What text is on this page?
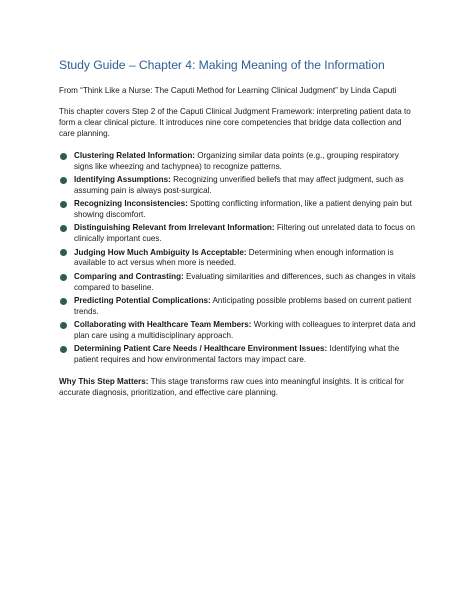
Study Guide – Chapter 4: Making Meaning of the Information

From “Think Like a Nurse: The Caputi Method for Learning Clinical Judgment” by Linda Caputi

This chapter covers Step 2 of the Caputi Clinical Judgment Framework: interpreting patient data to form a clear clinical picture. It introduces nine core competencies that bridge data collection and care planning.

Clustering Related Information: Organizing similar data points (e.g., grouping respiratory signs like wheezing and tachypnea) to recognize patterns.
Identifying Assumptions: Recognizing unverified beliefs that may affect judgment, such as assuming pain is always post-surgical.
Recognizing Inconsistencies: Spotting conflicting information, like a patient denying pain but showing discomfort.
Distinguishing Relevant from Irrelevant Information: Filtering out unrelated data to focus on clinically important cues.
Judging How Much Ambiguity Is Acceptable: Determining when enough information is available to act versus when more is needed.
Comparing and Contrasting: Evaluating similarities and differences, such as changes in vitals compared to baseline.
Predicting Potential Complications: Anticipating possible problems based on current patient trends.
Collaborating with Healthcare Team Members: Working with colleagues to interpret data and plan care using a multidisciplinary approach.
Determining Patient Care Needs / Healthcare Environment Issues: Identifying what the patient requires and how environmental factors may impact care.

Why This Step Matters: This stage transforms raw cues into meaningful insights. It is critical for accurate diagnosis, prioritization, and effective care planning.
